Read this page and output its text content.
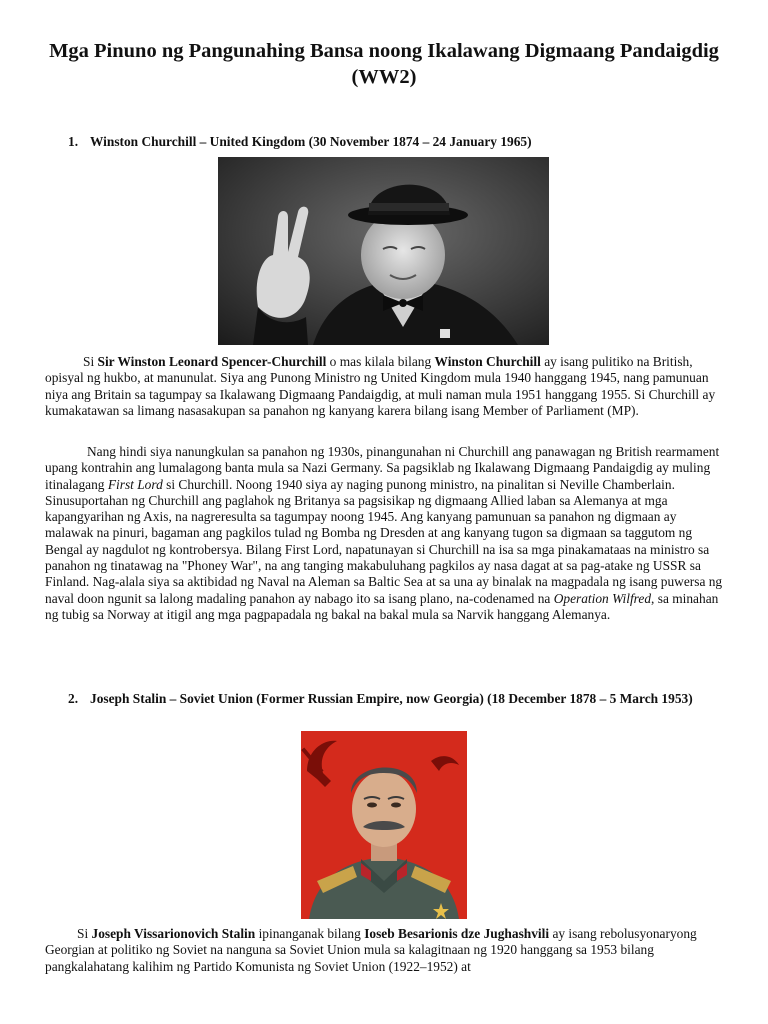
Mga Pinuno ng Pangunahing Bansa noong Ikalawang Digmaang Pandaigdig (WW2)
1. Winston Churchill – United Kingdom (30 November 1874 – 24 January 1965)

Si Sir Winston Leonard Spencer-Churchill o mas kilala bilang Winston Churchill ay isang pulitiko na British, opisyal ng hukbo, at manunulat. Siya ang Punong Ministro ng United Kingdom mula 1940 hanggang 1945, nang pamunuan niya ang Britain sa tagumpay sa Ikalawang Digmaang Pandaigdig, at muli naman mula 1951 hanggang 1955. Si Churchill ay kumakatawan sa limang nasasakupan sa panahon ng kanyang karera bilang isang Member of Parliament (MP).

Nang hindi siya nanungkulan sa panahon ng 1930s, pinangunahan ni Churchill ang panawagan ng British rearmament upang kontrahin ang lumalagong banta mula sa Nazi Germany. Sa pagsiklab ng Ikalawang Digmaang Pandaigdig ay muling itinalagang First Lord si Churchill. Noong 1940 siya ay naging punong ministro, na pinalitan si Neville Chamberlain. Sinusuportahan ng Churchill ang paglahok ng Britanya sa pagsisikap ng digmaang Allied laban sa Alemanya at mga kapangyarihan ng Axis, na nagreresulta sa tagumpay noong 1945. Ang kanyang pamunuan sa panahon ng digmaan ay malawak na pinuri, bagaman ang pagkilos tulad ng Bomba ng Dresden at ang kanyang tugon sa digmaan sa taggutom ng Bengal ay nagdulot ng kontrobersya. Bilang First Lord, napatunayan si Churchill na isa sa mga pinakamataas na ministro sa panahon ng tinatawag na "Phoney War", na ang tanging makabuluhang pagkilos ay nasa dagat at sa pag-atake ng USSR sa Finland. Nag-alala siya sa aktibidad ng Naval na Aleman sa Baltic Sea at sa una ay binalak na magpadala ng isang puwersa ng naval doon ngunit sa lalong madaling panahon ay nabago ito sa isang plano, na-codenamed na Operation Wilfred, sa minahan ng tubig sa Norway at itigil ang mga pagpapadala ng bakal na bakal mula sa Narvik hanggang Alemanya.

2. Joseph Stalin – Soviet Union (Former Russian Empire, now Georgia) (18 December 1878 – 5 March 1953)

Si Joseph Vissarionovich Stalin ipinanganak bilang Ioseb Besarionis dze Jughashvili ay isang rebolusyonaryong Georgian at politiko ng Soviet na nanguna sa Soviet Union mula sa kalagitnaan ng 1920 hanggang sa 1953 bilang pangkalahatang kalihim ng Partido Komunista ng Soviet Union (1922–1952) at
